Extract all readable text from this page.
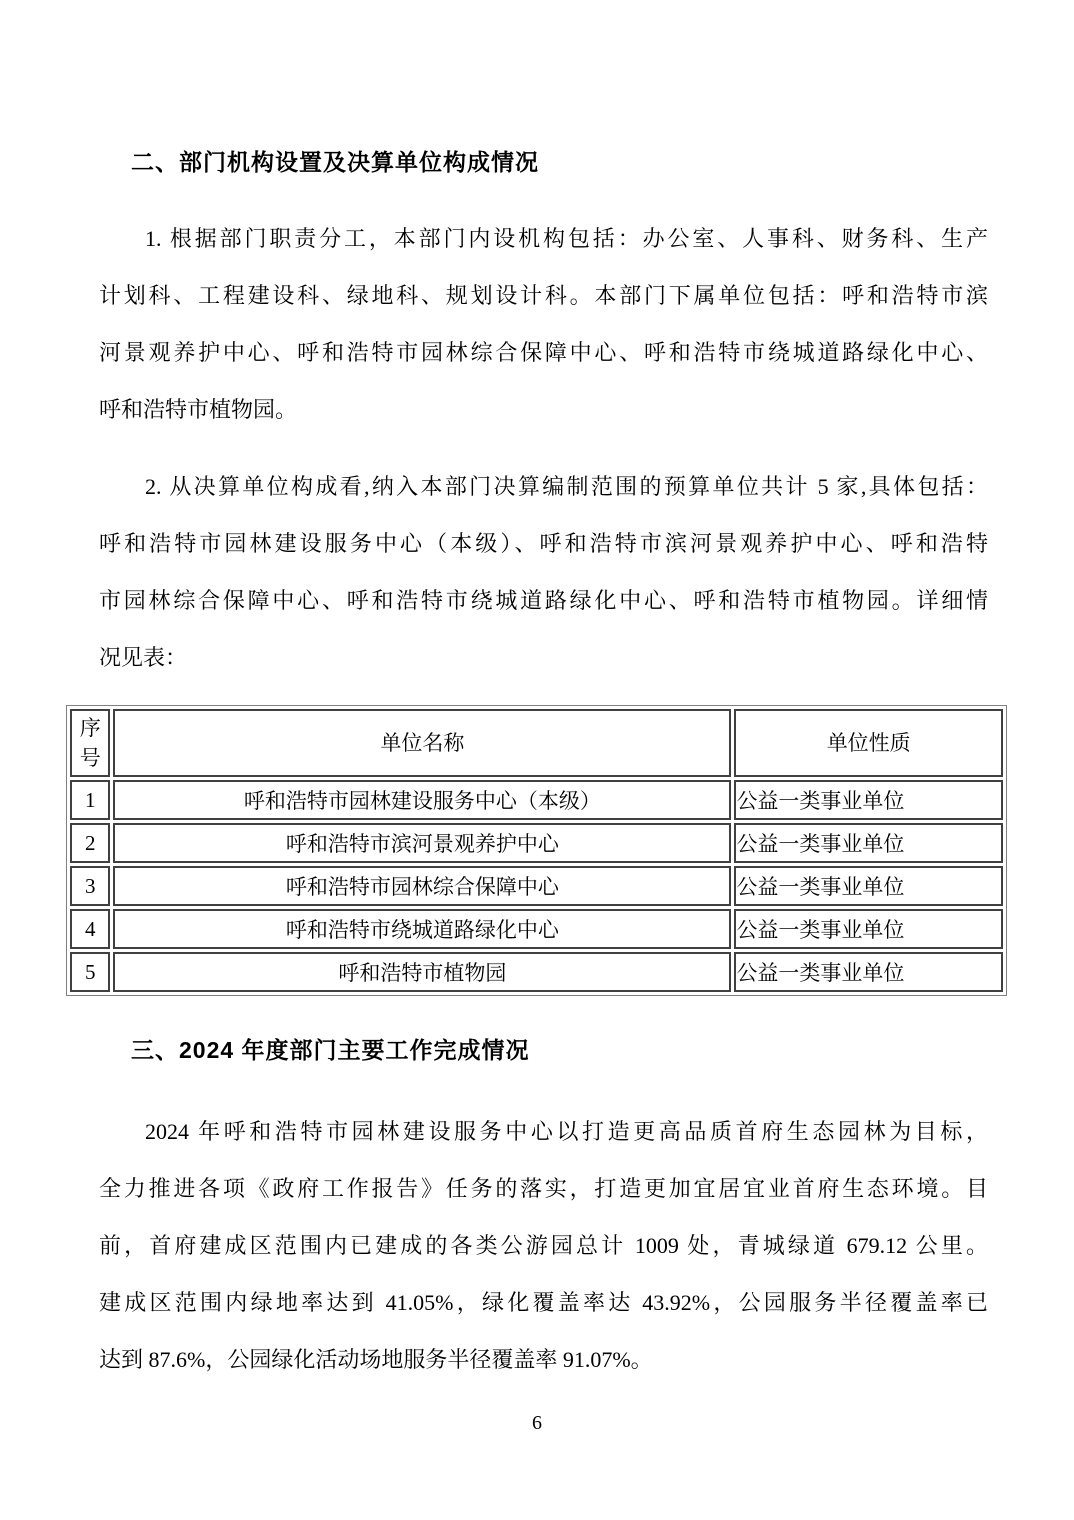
二、部门机构设置及决算单位构成情况
1. 根据部门职责分工，本部门内设机构包括：办公室、人事科、财务科、生产
计划科、工程建设科、绿地科、规划设计科。本部门下属单位包括：呼和浩特市滨
河景观养护中心、呼和浩特市园林综合保障中心、呼和浩特市绕城道路绿化中心、
呼和浩特市植物园。
2. 从决算单位构成看,纳入本部门决算编制范围的预算单位共计 5 家,具体包括：
呼和浩特市园林建设服务中心（本级）、呼和浩特市滨河景观养护中心、呼和浩特
市园林综合保障中心、呼和浩特市绕城道路绿化中心、呼和浩特市植物园。详细情
况见表：
序号	单位名称	单位性质
1	呼和浩特市园林建设服务中心（本级）	公益一类事业单位
2	呼和浩特市滨河景观养护中心	公益一类事业单位
3	呼和浩特市园林综合保障中心	公益一类事业单位
4	呼和浩特市绕城道路绿化中心	公益一类事业单位
5	呼和浩特市植物园	公益一类事业单位
三、2024 年度部门主要工作完成情况
2024 年呼和浩特市园林建设服务中心以打造更高品质首府生态园林为目标，
全力推进各项《政府工作报告》任务的落实，打造更加宜居宜业首府生态环境。目
前，首府建成区范围内已建成的各类公游园总计 1009 处，青城绿道 679.12 公里。
建成区范围内绿地率达到 41.05%，绿化覆盖率达 43.92%，公园服务半径覆盖率已
达到 87.6%，公园绿化活动场地服务半径覆盖率 91.07%。
6
